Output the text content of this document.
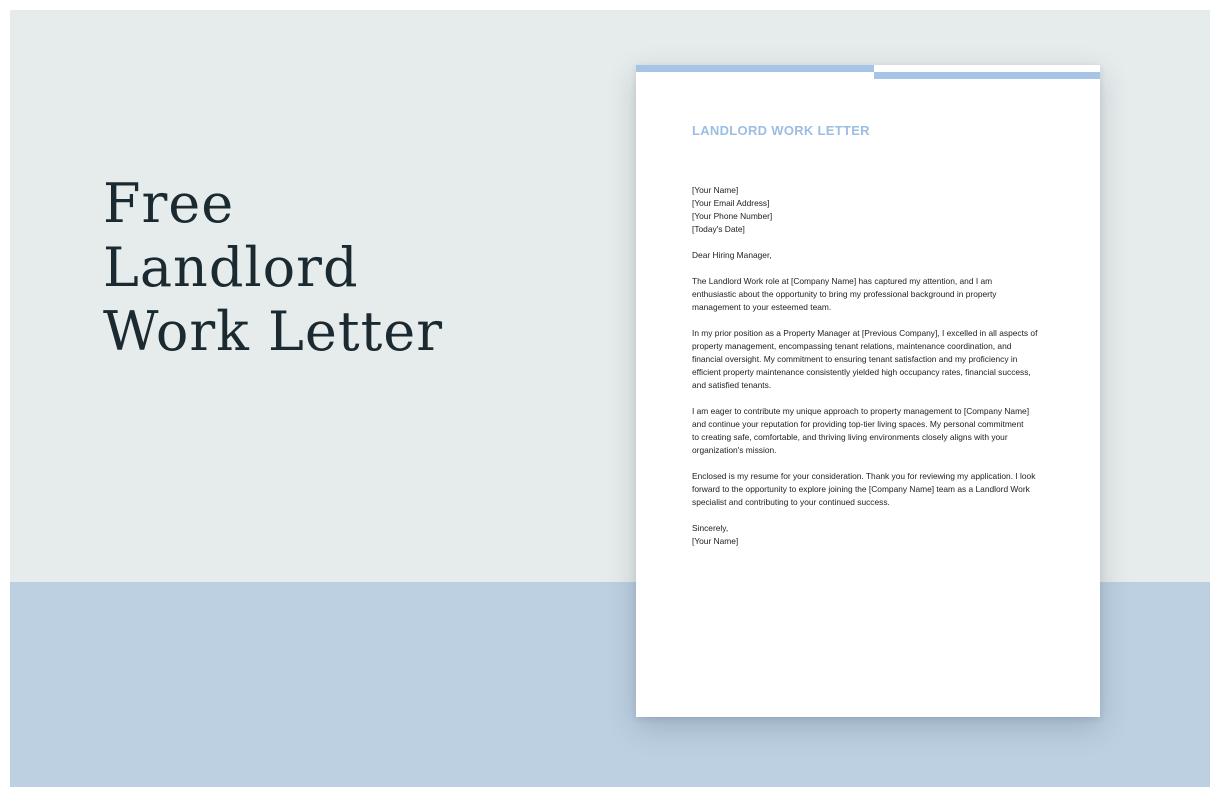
Free
Landlord
Work Letter
LANDLORD WORK LETTER

[Your Name]
[Your Email Address]
[Your Phone Number]
[Today's Date]

Dear Hiring Manager,

The Landlord Work role at [Company Name] has captured my attention, and I am
enthusiastic about the opportunity to bring my professional background in property
management to your esteemed team.

In my prior position as a Property Manager at [Previous Company], I excelled in all aspects of
property management, encompassing tenant relations, maintenance coordination, and
financial oversight. My commitment to ensuring tenant satisfaction and my proficiency in
efficient property maintenance consistently yielded high occupancy rates, financial success,
and satisfied tenants.

I am eager to contribute my unique approach to property management to [Company Name]
and continue your reputation for providing top-tier living spaces. My personal commitment
to creating safe, comfortable, and thriving living environments closely aligns with your
organization's mission.

Enclosed is my resume for your consideration. Thank you for reviewing my application. I look
forward to the opportunity to explore joining the [Company Name] team as a Landlord Work
specialist and contributing to your continued success.

Sincerely,
[Your Name]
